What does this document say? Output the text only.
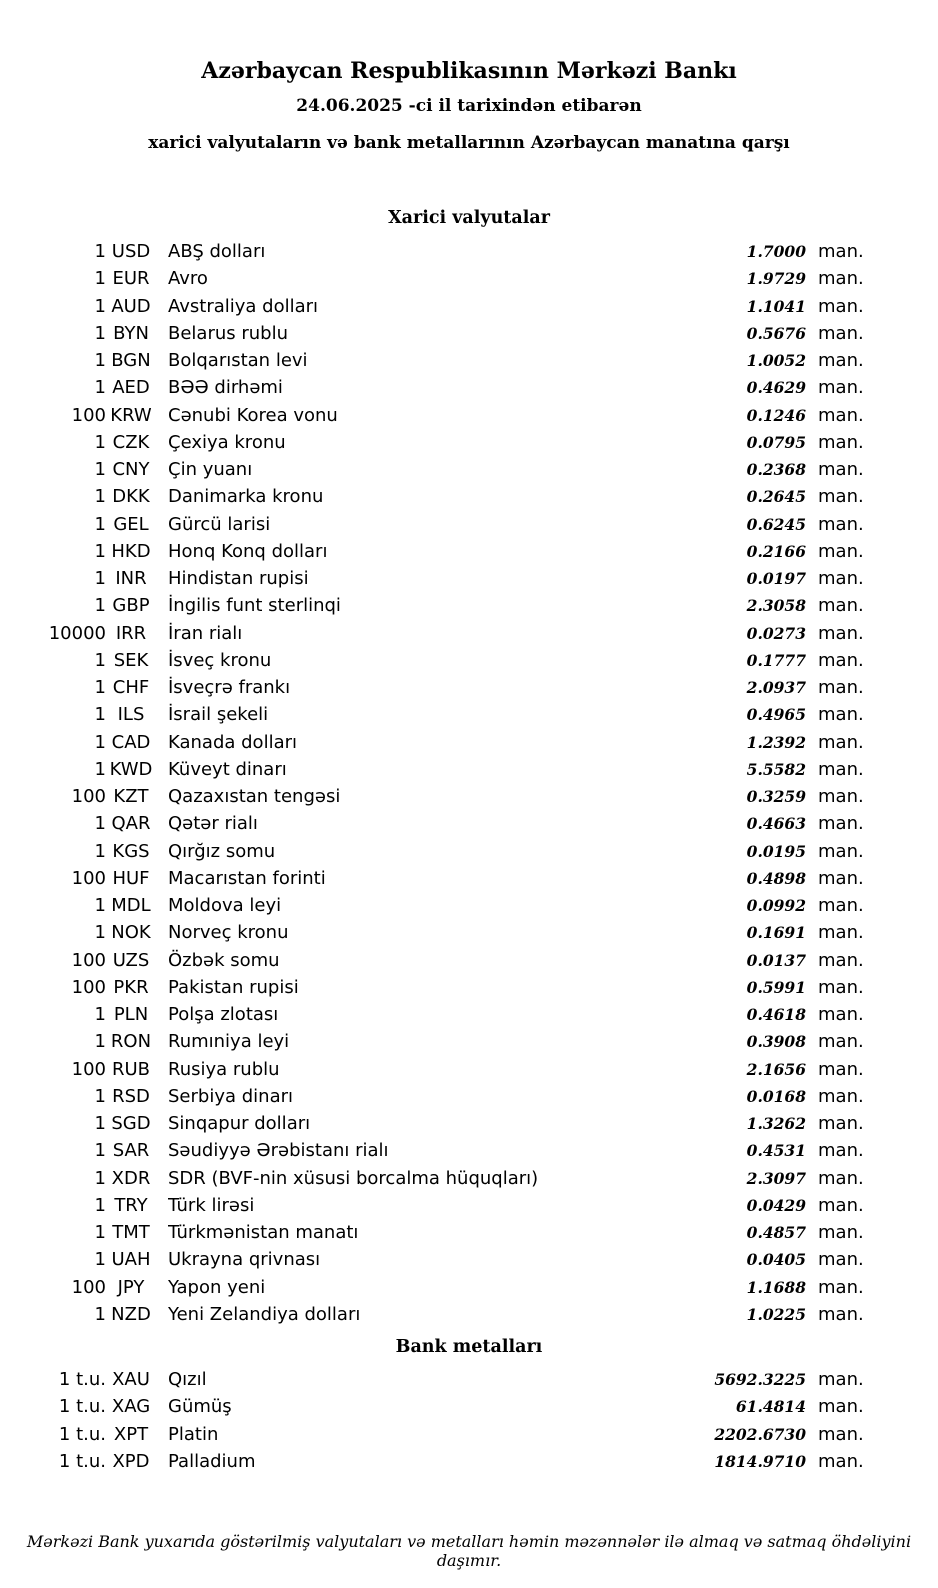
Azərbaycan Respublikasının Mərkəzi Bankı
24.06.2025 -ci il tarixindən etibarən
xarici valyutaların və bank metallarının Azərbaycan manatına qarşı
Xarici valyutalar
1 USD ABŞ dolları	1.7000 man.
1 EUR	Avro	1.9729 man.
1 AUD Avstraliya dolları	1.1041 man.
1 BYN	Belarus rublu	0.5676 man.
1 BGN Bolqarıstan levi	1.0052 man.
1 AED	BƏƏ dirhəmi	0.4629 man.
100 KRW Cənubi Korea vonu	0.1246 man.
1 CZK	Çexiya kronu	0.0795 man.
1 CNY	Çin yuanı	0.2368 man.
1 DKK	Danimarka kronu	0.2645 man.
1 GEL	Gürcü larisi	0.6245 man.
1 HKD Honq Konq dolları	0.2166 man.
1 INR	Hindistan rupisi	0.0197 man.
1 GBP	İngilis funt sterlinqi	2.3058 man.
10000 IRR	İran rialı	0.0273 man.
1 SEK	İsveç kronu	0.1777 man.
1 CHF	İsveçrə frankı	2.0937 man.
1 ILS	İsrail şekeli	0.4965 man.
1 CAD Kanada dolları	1.2392 man.
1 KWD Küveyt dinarı	5.5582 man.
100 KZT	Qazaxıstan tengəsi	0.3259 man.
1 QAR Qətər rialı	0.4663 man.
1 KGS	Qırğız somu	0.0195 man.
100 HUF	Macarıstan forinti	0.4898 man.
1 MDL Moldova leyi	0.0992 man.
1 NOK Norveç kronu	0.1691 man.
100 UZS	Özbək somu	0.0137 man.
100 PKR	Pakistan rupisi	0.5991 man.
1 PLN	Polşa zlotası	0.4618 man.
1 RON Rumıniya leyi	0.3908 man.
100 RUB Rusiya rublu	2.1656 man.
1 RSD	Serbiya dinarı	0.0168 man.
1 SGD Sinqapur dolları	1.3262 man.
1 SAR	Səudiyyə Ərəbistanı rialı	0.4531 man.
1 XDR SDR (BVF-nin xüsusi borcalma hüquqları)	2.3097 man.
1 TRY	Türk lirəsi	0.0429 man.
1 TMT	Türkmənistan manatı	0.4857 man.
1 UAH Ukrayna qrivnası	0.0405 man.
100 JPY	Yapon yeni	1.1688 man.
1 NZD Yeni Zelandiya dolları	1.0225 man.
Bank metalları
1 t.u. XAU	Qızıl	5692.3225 man.
1 t.u. XAG Gümüş	61.4814 man.
1 t.u. XPT	Platin	2202.6730 man.
1 t.u. XPD	Palladium	1814.9710 man.
Mərkəzi Bank yuxarıda göstərilmiş valyutaları və metalları həmin məzənnələr ilə almaq və satmaq öhdəliyini daşımır.
